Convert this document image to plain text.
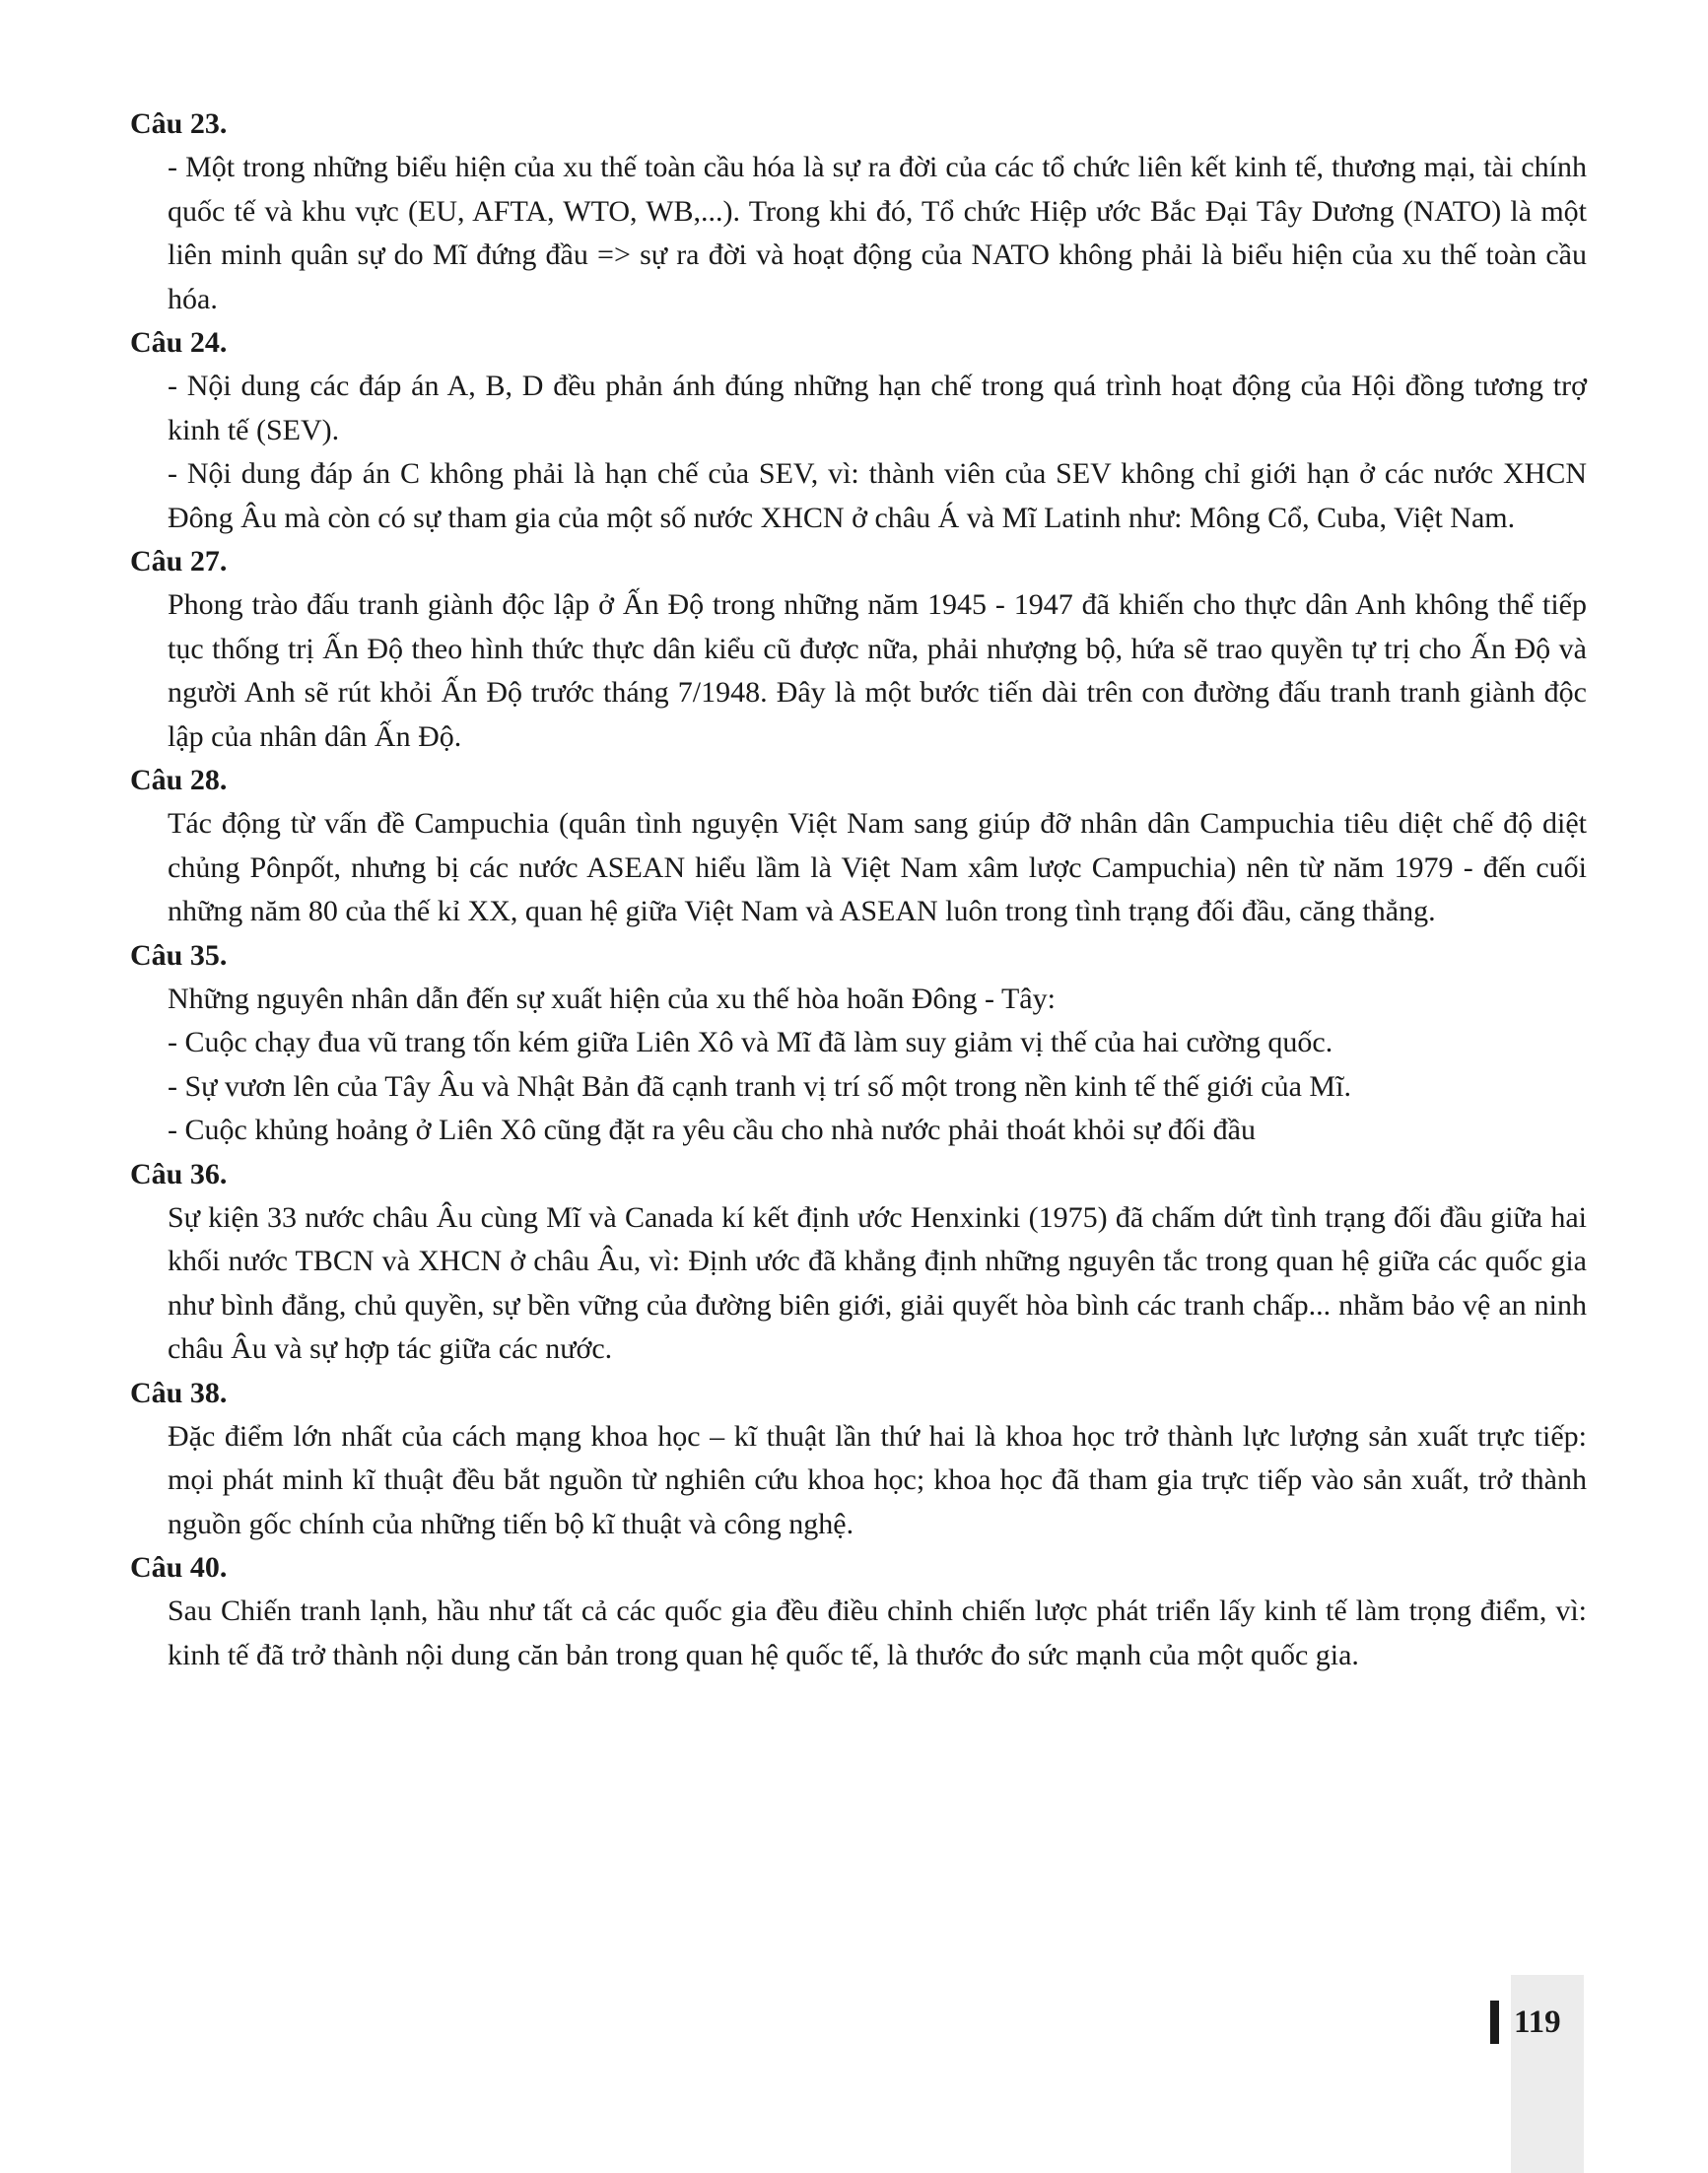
Câu 23.

- Một trong những biểu hiện của xu thế toàn cầu hóa là sự ra đời của các tổ chức liên kết kinh tế, thương mại, tài chính quốc tế và khu vực (EU, AFTA, WTO, WB,...). Trong khi đó, Tổ chức Hiệp ước Bắc Đại Tây Dương (NATO) là một liên minh quân sự do Mĩ đứng đầu => sự ra đời và hoạt động của NATO không phải là biểu hiện của xu thế toàn cầu hóa.

Câu 24.

- Nội dung các đáp án A, B, D đều phản ánh đúng những hạn chế trong quá trình hoạt động của Hội đồng tương trợ kinh tế (SEV).

- Nội dung đáp án C không phải là hạn chế của SEV, vì: thành viên của SEV không chỉ giới hạn ở các nước XHCN Đông Âu mà còn có sự tham gia của một số nước XHCN ở châu Á và Mĩ Latinh như: Mông Cổ, Cuba, Việt Nam.

Câu 27.

Phong trào đấu tranh giành độc lập ở Ấn Độ trong những năm 1945 - 1947 đã khiến cho thực dân Anh không thể tiếp tục thống trị Ấn Độ theo hình thức thực dân kiểu cũ được nữa, phải nhượng bộ, hứa sẽ trao quyền tự trị cho Ấn Độ và người Anh sẽ rút khỏi Ấn Độ trước tháng 7/1948. Đây là một bước tiến dài trên con đường đấu tranh tranh giành độc lập của nhân dân Ấn Độ.

Câu 28.

Tác động từ vấn đề Campuchia (quân tình nguyện Việt Nam sang giúp đỡ nhân dân Campuchia tiêu diệt chế độ diệt chủng Pônpốt, nhưng bị các nước ASEAN hiểu lầm là Việt Nam xâm lược Campuchia) nên từ năm 1979 - đến cuối những năm 80 của thế kỉ XX, quan hệ giữa Việt Nam và ASEAN luôn trong tình trạng đối đầu, căng thẳng.

Câu 35.

Những nguyên nhân dẫn đến sự xuất hiện của xu thế hòa hoãn Đông - Tây:

- Cuộc chạy đua vũ trang tốn kém giữa Liên Xô và Mĩ đã làm suy giảm vị thế của hai cường quốc.

- Sự vươn lên của Tây Âu và Nhật Bản đã cạnh tranh vị trí số một trong nền kinh tế thế giới của Mĩ.

- Cuộc khủng hoảng ở Liên Xô cũng đặt ra yêu cầu cho nhà nước phải thoát khỏi sự đối đầu

Câu 36.

Sự kiện 33 nước châu Âu cùng Mĩ và Canada kí kết định ước Henxinki (1975) đã chấm dứt tình trạng đối đầu giữa hai khối nước TBCN và XHCN ở châu Âu, vì: Định ước đã khẳng định những nguyên tắc trong quan hệ giữa các quốc gia như bình đẳng, chủ quyền, sự bền vững của đường biên giới, giải quyết hòa bình các tranh chấp... nhằm bảo vệ an ninh châu Âu và sự hợp tác giữa các nước.

Câu 38.

Đặc điểm lớn nhất của cách mạng khoa học – kĩ thuật lần thứ hai là khoa học trở thành lực lượng sản xuất trực tiếp: mọi phát minh kĩ thuật đều bắt nguồn từ nghiên cứu khoa học; khoa học đã tham gia trực tiếp vào sản xuất, trở thành nguồn gốc chính của những tiến bộ kĩ thuật và công nghệ.

Câu 40.

Sau Chiến tranh lạnh, hầu như tất cả các quốc gia đều điều chỉnh chiến lược phát triển lấy kinh tế làm trọng điểm, vì: kinh tế đã trở thành nội dung căn bản trong quan hệ quốc tế, là thước đo sức mạnh của một quốc gia.

119
